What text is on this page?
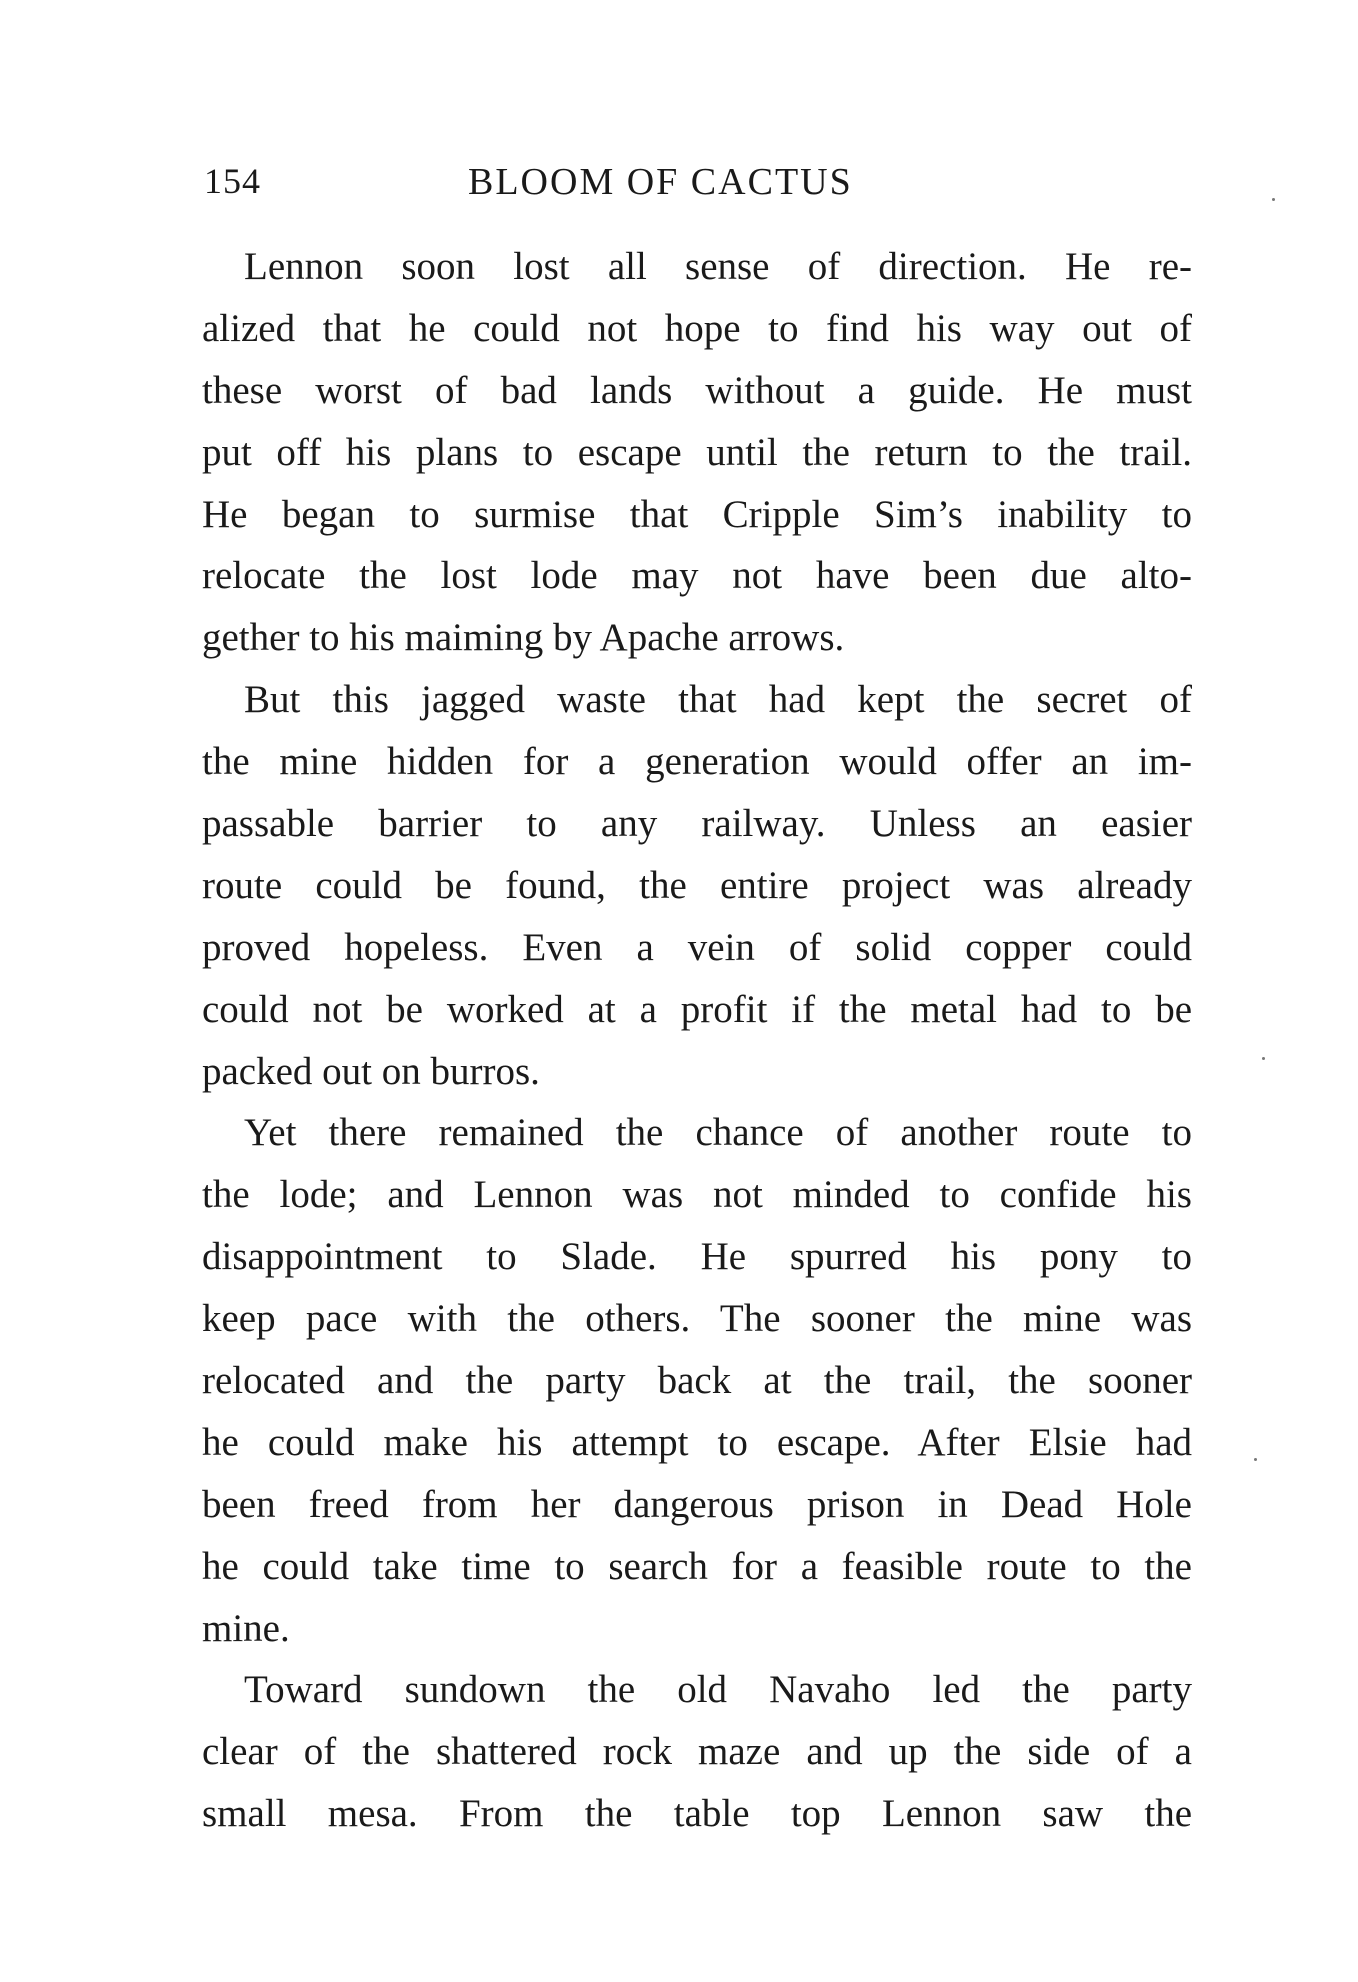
154	BLOOM OF CACTUS
Lennon soon lost all sense of direction. He re-
alized that he could not hope to find his way out of
these worst of bad lands without a guide. He must
put off his plans to escape until the return to the trail.
He began to surmise that Cripple Sim’s inability to
relocate the lost lode may not have been due alto-
gether to his maiming by Apache arrows.
But this jagged waste that had kept the secret of
the mine hidden for a generation would offer an im-
passable barrier to any railway. Unless an easier
route could be found, the entire project was already
proved hopeless. Even a vein of solid copper could
could not be worked at a profit if the metal had to be
packed out on burros.
Yet there remained the chance of another route to
the lode; and Lennon was not minded to confide his
disappointment to Slade. He spurred his pony to
keep pace with the others. The sooner the mine was
relocated and the party back at the trail, the sooner
he could make his attempt to escape. After Elsie had
been freed from her dangerous prison in Dead Hole
he could take time to search for a feasible route to the
mine.
Toward sundown the old Navaho led the party
clear of the shattered rock maze and up the side of a
small mesa. From the table top Lennon saw the
